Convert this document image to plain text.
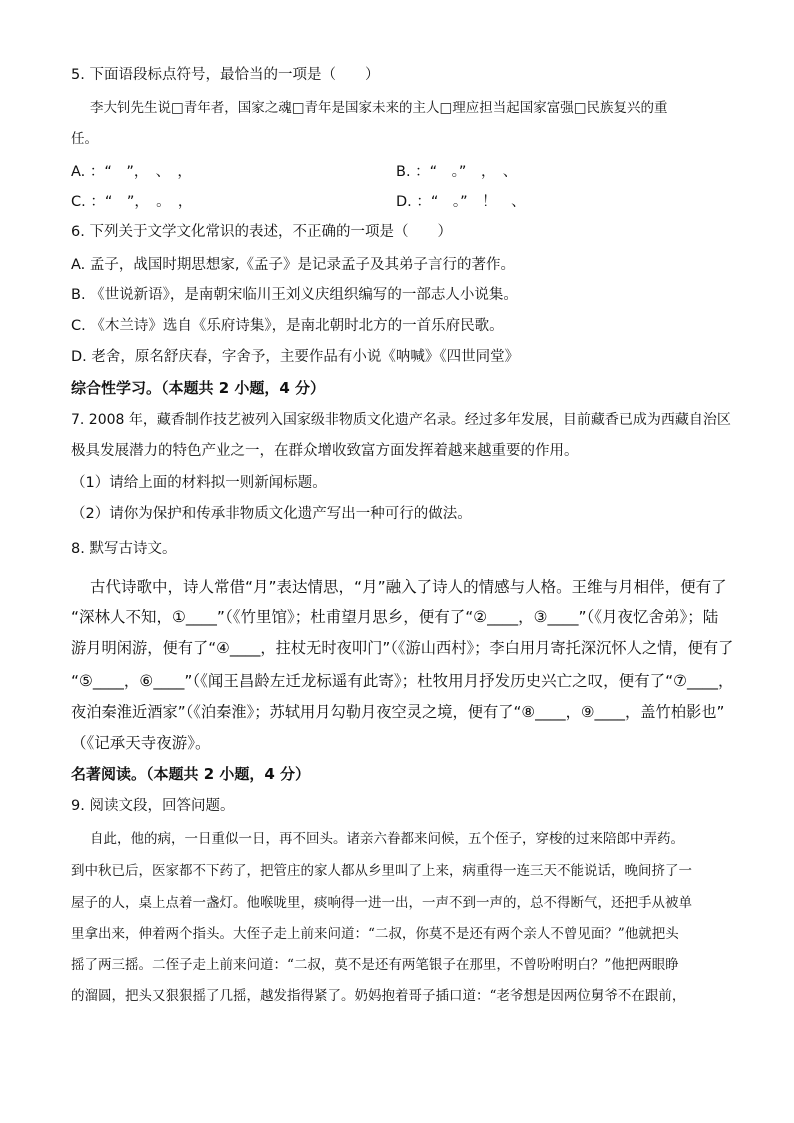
5. 下面语段标点符号，最恰当的一项是（　　）
李大钊先生说□青年者，国家之魂□青年是国家未来的主人□理应担当起国家富强□民族复兴的重
任。
A. ：“　”，　、　，	B. ：“　。”　，　、
C. ：“　”，　。　，	D. ：“　。”　！　、
6. 下列关于文学文化常识的表述，不正确的一项是（　　）
A. 孟子，战国时期思想家,《孟子》是记录孟子及其弟子言行的著作。
B. 《世说新语》，是南朝宋临川王刘义庆组织编写的一部志人小说集。
C. 《木兰诗》选自《乐府诗集》，是南北朝时北方的一首乐府民歌。
D. 老舍，原名舒庆春，字舍予，主要作品有小说《呐喊》《四世同堂》
综合性学习。（本题共 2 小题，4 分）
7. 2008 年，藏香制作技艺被列入国家级非物质文化遗产名录。经过多年发展，目前藏香已成为西藏自治区
极具发展潜力的特色产业之一，在群众增收致富方面发挥着越来越重要的作用。
（1）请给上面的材料拟一则新闻标题。
（2）请你为保护和传承非物质文化遗产写出一种可行的做法。
8. 默写古诗文。
古代诗歌中，诗人常借“月”表达情思，“月”融入了诗人的情感与人格。王维与月相伴，便有了
“深林人不知，①____”（《竹里馆》；杜甫望月思乡，便有了“②____，③____”（《月夜忆舍弟》；陆
游月明闲游，便有了“④____，拄杖无时夜叩门”（《游山西村》；李白用月寄托深沉怀人之情，便有了
“⑤____，⑥____”（《闻王昌龄左迁龙标遥有此寄》；杜牧用月抒发历史兴亡之叹，便有了“⑦____，
夜泊秦淮近酒家”（《泊秦淮》；苏轼用月勾勒月夜空灵之境，便有了“⑧____，⑨____，盖竹柏影也”
（《记承天寺夜游》。
名著阅读。（本题共 2 小题，4 分）
9. 阅读文段，回答问题。
自此，他的病，一日重似一日，再不回头。诸亲六眷都来问候，五个侄子，穿梭的过来陪郎中弄药。
到中秋已后，医家都不下药了，把管庄的家人都从乡里叫了上来，病重得一连三天不能说话，晚间挤了一
屋子的人，桌上点着一盏灯。他喉咙里，痰响得一进一出，一声不到一声的，总不得断气，还把手从被单
里拿出来，伸着两个指头。大侄子走上前来问道：“二叔，你莫不是还有两个亲人不曾见面？”他就把头
摇了两三摇。二侄子走上前来问道：“二叔，莫不是还有两笔银子在那里，不曾吩咐明白？”他把两眼睁
的溜圆，把头又狠狠摇了几摇，越发指得紧了。奶妈抱着哥子插口道：“老爷想是因两位舅爷不在跟前，
